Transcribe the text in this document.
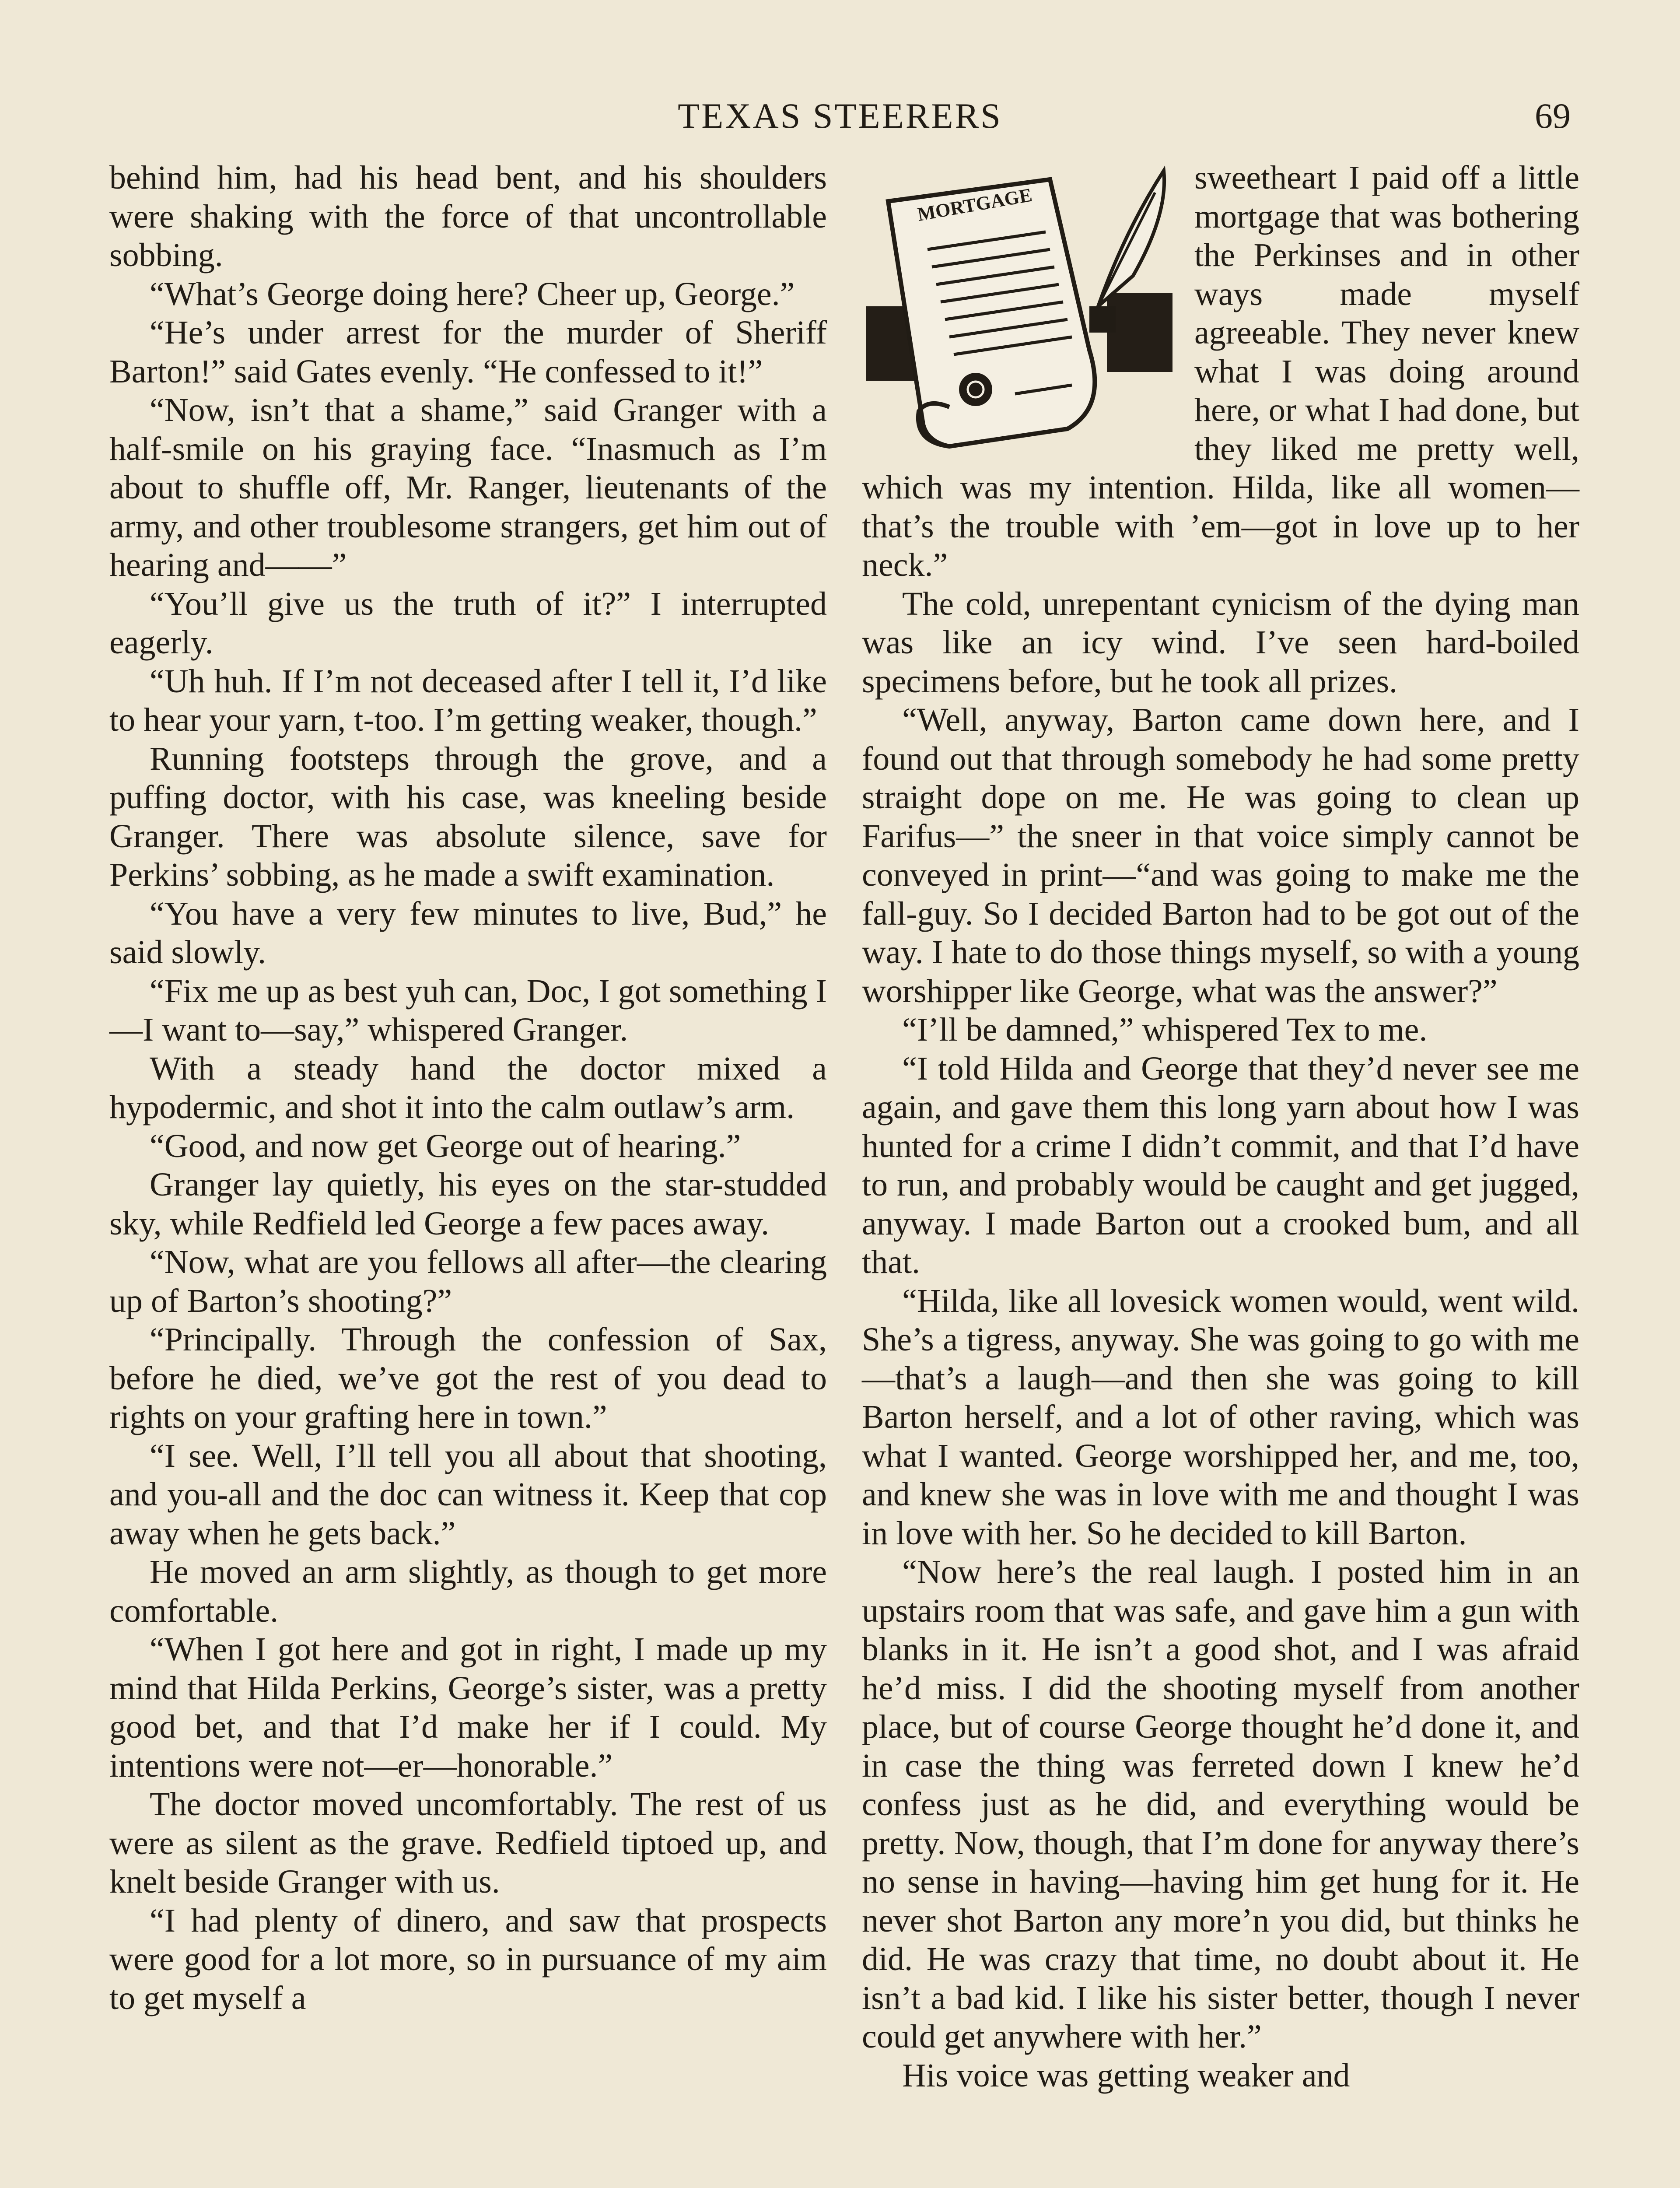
TEXAS STEERERS	69

behind him, had his head bent, and his shoulders were shaking with the force of that uncontrollable sobbing.

“What’s George doing here? Cheer up, George.”

“He’s under arrest for the murder of Sheriff Barton!” said Gates evenly. “He confessed to it!”

“Now, isn’t that a shame,” said Granger with a half-smile on his graying face. “Inasmuch as I’m about to shuffle off, Mr. Ranger, lieutenants of the army, and other troublesome strangers, get him out of hearing and——”

“You’ll give us the truth of it?” I interrupted eagerly.

“Uh huh. If I’m not deceased after I tell it, I’d like to hear your yarn, t-too. I’m getting weaker, though.”

Running footsteps through the grove, and a puffing doctor, with his case, was kneeling beside Granger. There was absolute silence, save for Perkins’ sobbing, as he made a swift examination.

“You have a very few minutes to live, Bud,” he said slowly.

“Fix me up as best yuh can, Doc, I got something I—I want to—say,” whispered Granger.

With a steady hand the doctor mixed a hypodermic, and shot it into the calm outlaw’s arm.

“Good, and now get George out of hearing.”

Granger lay quietly, his eyes on the star-studded sky, while Redfield led George a few paces away.

“Now, what are you fellows all after—the clearing up of Barton’s shooting?”

“Principally. Through the confession of Sax, before he died, we’ve got the rest of you dead to rights on your grafting here in town.”

“I see. Well, I’ll tell you all about that shooting, and you-all and the doc can witness it. Keep that cop away when he gets back.”

He moved an arm slightly, as though to get more comfortable.

“When I got here and got in right, I made up my mind that Hilda Perkins, George’s sister, was a pretty good bet, and that I’d make her if I could. My intentions were not—er—honorable.”

The doctor moved uncomfortably. The rest of us were as silent as the grave. Redfield tiptoed up, and knelt beside Granger with us.

“I had plenty of dinero, and saw that prospects were good for a lot more, so in pursuance of my aim to get myself a

MORTGAGE

sweetheart I paid off a little mortgage that was bothering the Perkinses and in other ways made myself agreeable. They never knew what I was doing around here, or what I had done, but they liked me pretty well, which was my intention. Hilda, like all women—that’s the trouble with ’em—got in love up to her neck.”

The cold, unrepentant cynicism of the dying man was like an icy wind. I’ve seen hard-boiled specimens before, but he took all prizes.

“Well, anyway, Barton came down here, and I found out that through somebody he had some pretty straight dope on me. He was going to clean up Farifus—” the sneer in that voice simply cannot be conveyed in print—“and was going to make me the fall-guy. So I decided Barton had to be got out of the way. I hate to do those things myself, so with a young worshipper like George, what was the answer?”

“I’ll be damned,” whispered Tex to me.

“I told Hilda and George that they’d never see me again, and gave them this long yarn about how I was hunted for a crime I didn’t commit, and that I’d have to run, and probably would be caught and get jugged, anyway. I made Barton out a crooked bum, and all that.

“Hilda, like all lovesick women would, went wild. She’s a tigress, anyway. She was going to go with me—that’s a laugh—and then she was going to kill Barton herself, and a lot of other raving, which was what I wanted. George worshipped her, and me, too, and knew she was in love with me and thought I was in love with her. So he decided to kill Barton.

“Now here’s the real laugh. I posted him in an upstairs room that was safe, and gave him a gun with blanks in it. He isn’t a good shot, and I was afraid he’d miss. I did the shooting myself from another place, but of course George thought he’d done it, and in case the thing was ferreted down I knew he’d confess just as he did, and everything would be pretty. Now, though, that I’m done for anyway there’s no sense in having—having him get hung for it. He never shot Barton any more’n you did, but thinks he did. He was crazy that time, no doubt about it. He isn’t a bad kid. I like his sister better, though I never could get anywhere with her.”

His voice was getting weaker and
